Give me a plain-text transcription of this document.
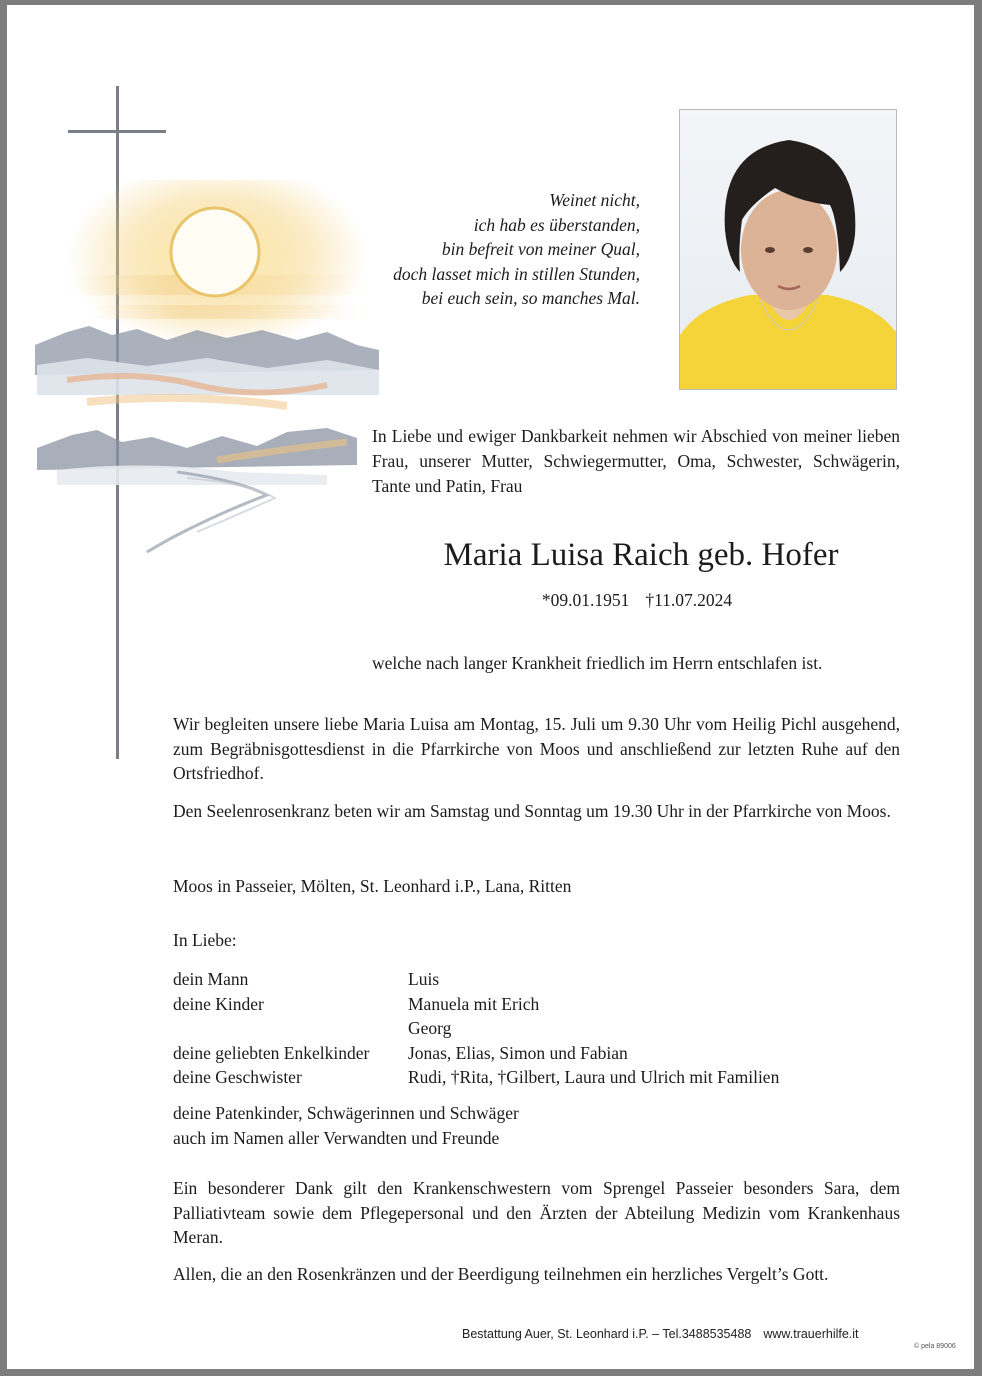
Weinet nicht,
ich hab es überstanden,
bin befreit von meiner Qual,
doch lasset mich in stillen Stunden,
bei euch sein, so manches Mal.
In Liebe und ewiger Dankbarkeit nehmen wir Abschied von meiner lieben Frau, unserer Mutter, Schwiegermutter, Oma, Schwester, Schwägerin, Tante und Patin, Frau
Maria Luisa Raich geb. Hofer
*09.01.1951 †11.07.2024
welche nach langer Krankheit friedlich im Herrn entschlafen ist.
Wir begleiten unsere liebe Maria Luisa am Montag, 15. Juli um 9.30 Uhr vom Heilig Pichl ausgehend, zum Begräbnisgottesdienst in die Pfarrkirche von Moos und anschließend zur letzten Ruhe auf den Ortsfriedhof.
Den Seelenrosenkranz beten wir am Samstag und Sonntag um 19.30 Uhr in der Pfarrkirche von Moos.
Moos in Passeier, Mölten, St. Leonhard i.P., Lana, Ritten
In Liebe:
dein Mann	Luis
deine Kinder	Manuela mit Erich
Georg
deine geliebten Enkelkinder	Jonas, Elias, Simon und Fabian
deine Geschwister	Rudi, †Rita, †Gilbert, Laura und Ulrich mit Familien
deine Patenkinder, Schwägerinnen und Schwäger
auch im Namen aller Verwandten und Freunde
Ein besonderer Dank gilt den Krankenschwestern vom Sprengel Passeier besonders Sara, dem Palliativteam sowie dem Pflegepersonal und den Ärzten der Abteilung Medizin vom Krankenhaus Meran.
Allen, die an den Rosenkränzen und der Beerdigung teilnehmen ein herzliches Vergelt’s Gott.
Bestattung Auer, St. Leonhard i.P. – Tel.3488535488 www.trauerhilfe.it
© pela 89006
